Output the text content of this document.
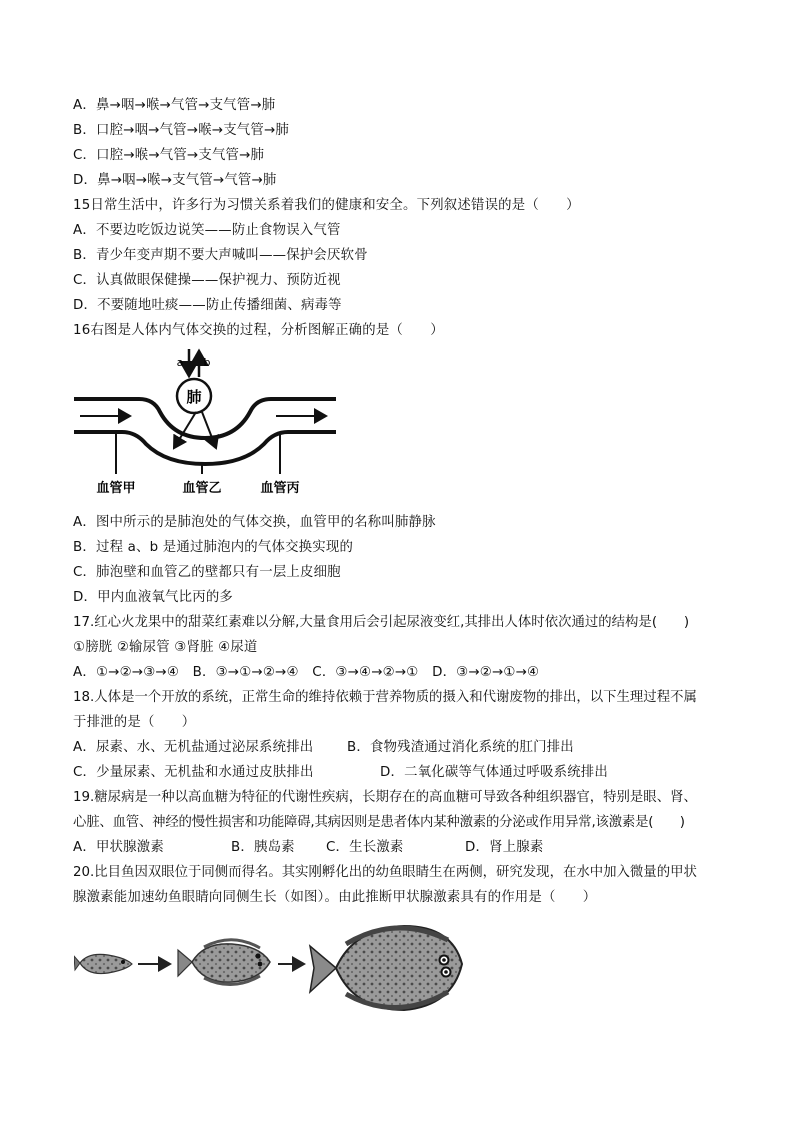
A．鼻→咽→喉→气管→支气管→肺
B．口腔→咽→气管→喉→支气管→肺
C．口腔→喉→气管→支气管→肺
D．鼻→咽→喉→支气管→气管→肺
15日常生活中，许多行为习惯关系着我们的健康和安全。下列叙述错误的是（　　）
A．不要边吃饭边说笑——防止食物误入气管
B．青少年变声期不要大声喊叫——保护会厌软骨
C．认真做眼保健操——保护视力、预防近视
D．不要随地吐痰——防止传播细菌、病毒等
16右图是人体内气体交换的过程，分析图解正确的是（　　）
肺
a b
血管甲	血管乙	血管丙
A．图中所示的是肺泡处的气体交换，血管甲的名称叫肺静脉
B．过程 a、b 是通过肺泡内的气体交换实现的
C．肺泡壁和血管乙的壁都只有一层上皮细胞
D．甲内血液氧气比丙的多
17.红心火龙果中的甜菜红素难以分解,大量食用后会引起尿液变红,其排出人体时依次通过的结构是(　　)
①膀胱 ②输尿管 ③肾脏 ④尿道
A．①→②→③→④　B．③→①→②→④　C．③→④→②→①　D．③→②→①→④
18.人体是一个开放的系统，正常生命的维持依赖于营养物质的摄入和代谢废物的排出，以下生理过程不属
于排泄的是（　　）
A．尿素、水、无机盐通过泌尿系统排出	B．食物残渣通过消化系统的肛门排出
C．少量尿素、无机盐和水通过皮肤排出	D．二氧化碳等气体通过呼吸系统排出
19.糖尿病是一种以高血糖为特征的代谢性疾病，长期存在的高血糖可导致各种组织器官，特别是眼、肾、
心脏、血管、神经的慢性损害和功能障碍,其病因则是患者体内某种激素的分泌或作用异常,该激素是(　　)
A．甲状腺激素	B．胰岛素 C．生长激素	D．肾上腺素
20.比目鱼因双眼位于同侧而得名。其实刚孵化出的幼鱼眼睛生在两侧，研究发现，在水中加入微量的甲状
腺激素能加速幼鱼眼睛向同侧生长（如图）。由此推断甲状腺激素具有的作用是（　　）
